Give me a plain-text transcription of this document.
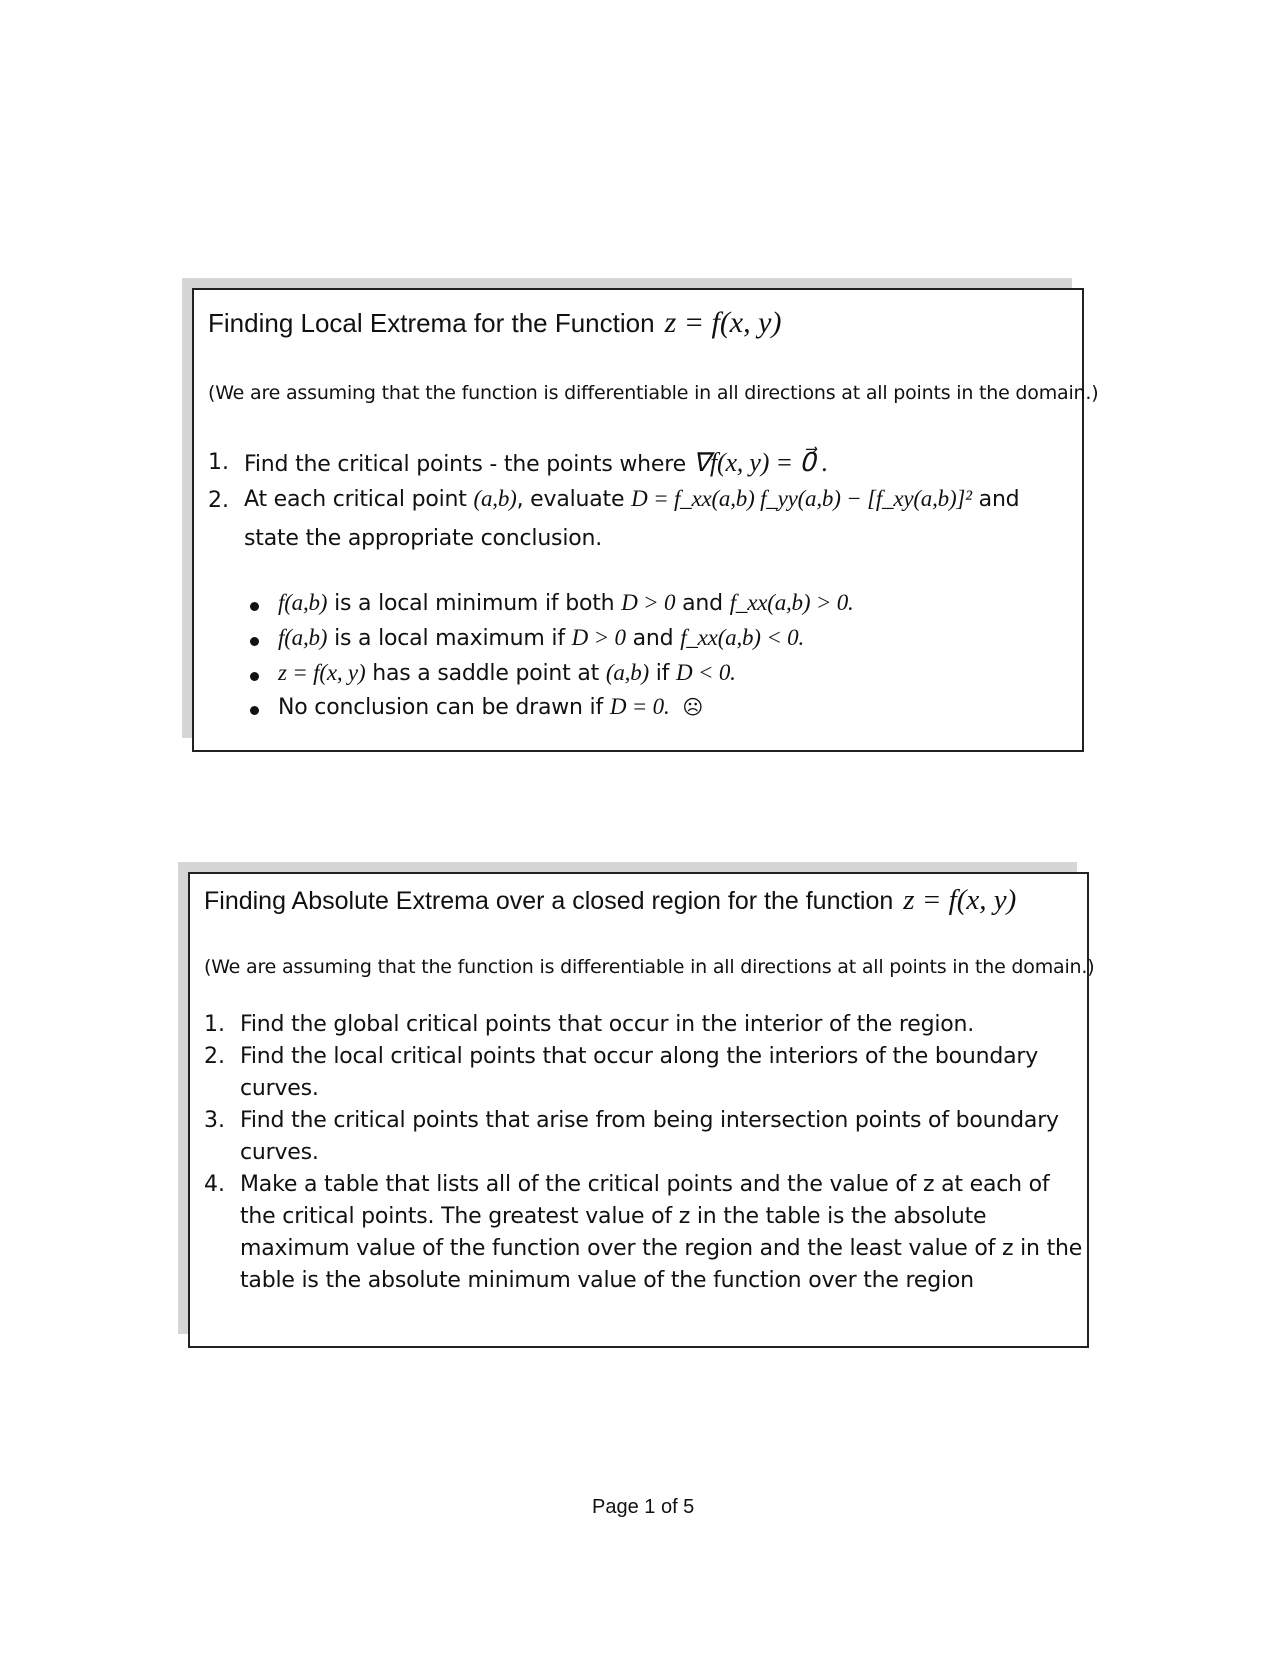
Finding Local Extrema for the Function z = f(x, y)
(We are assuming that the function is differentiable in all directions at all points in the domain.)
1. Find the critical points - the points where ∇f(x, y) = 0⃗ .
2. At each critical point (a,b), evaluate D = f_xx(a,b) f_yy(a,b) − [f_xy(a,b)]² and
state the appropriate conclusion.
f(a,b) is a local minimum if both D > 0 and f_xx(a,b) > 0.
f(a,b) is a local maximum if D > 0 and f_xx(a,b) < 0.
z = f(x, y) has a saddle point at (a,b) if D < 0.
No conclusion can be drawn if D = 0. ☹
Finding Absolute Extrema over a closed region for the function z = f(x, y)
(We are assuming that the function is differentiable in all directions at all points in the domain.)
1. Find the global critical points that occur in the interior of the region.
2. Find the local critical points that occur along the interiors of the boundary
curves.
3. Find the critical points that arise from being intersection points of boundary
curves.
4. Make a table that lists all of the critical points and the value of z at each of
the critical points. The greatest value of z in the table is the absolute
maximum value of the function over the region and the least value of z in the
table is the absolute minimum value of the function over the region
Page 1 of 5
